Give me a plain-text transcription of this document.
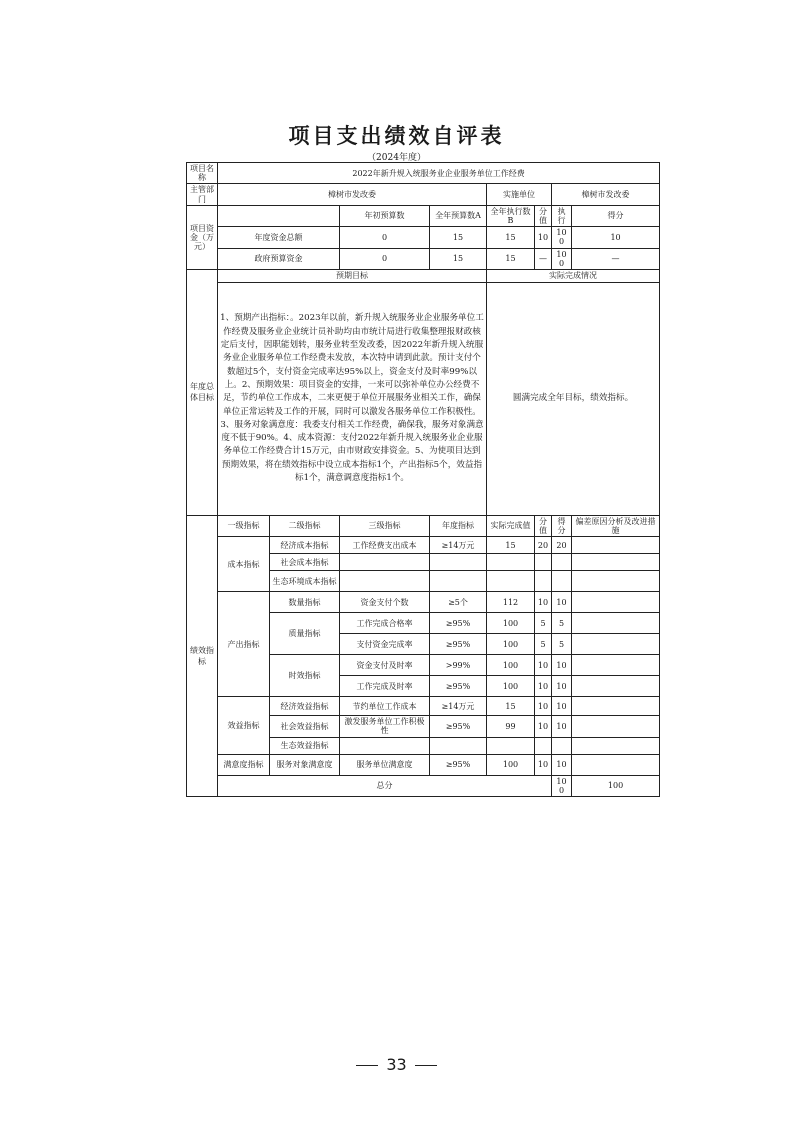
项目支出绩效自评表
（2024年度）
项目名称	2022年新升规入统服务业企业服务单位工作经费								
主管部门	樟树市发改委				实施单位		樟树市发改委		
项目资金（万元）			年初预算数	全年预算数A	全年执行数B	分值	执行	得分	
	年度资金总额		0	15	15	10	100	10	
	政府预算资金		0	15	15	—	100	—	
年度总体目标	预期目标				实际完成情况				
	1、预期产出指标：。2023年以前，新升规入统服务业企业服务单位工作经费及服务业企业统计员补助均由市统计局进行收集整理报财政核定后支付，因职能划转，服务业转至发改委，因2022年新升规入统服务业企业服务单位工作经费未发放，本次特申请到此款。预计支付个数超过5个，支付资金完成率达95%以上，资金支付及时率99%以上。2、预期效果：项目资金的安排，一来可以弥补单位办公经费不足，节约单位工作成本，二来更便于单位开展服务业相关工作，确保单位正常运转及工作的开展，同时可以激发各服务单位工作积极性。3、服务对象满意度：我委支付相关工作经费，确保我，服务对象满意度不低于90%。4、成本资源：支付2022年新升规入统服务业企业服务单位工作经费合计15万元，由市财政安排资金。5、为使项目达到预期效果，将在绩效指标中设立成本指标1个，产出指标5个，效益指标1个，满意调意度指标1个。				圆满完成全年目标，绩效指标。				
绩效指标	一级指标	二级指标	三级指标	年度指标	实际完成值	分值	得分	偏差原因分析及改进措施	
	成本指标	经济成本指标	工作经费支出成本	≥14万元	15	20	20		
		社会成本指标							
		生态环境成本指标							
	产出指标	数量指标	资金支付个数	≥5个	112	10	10		
		质量指标	工作完成合格率	≥95%	100	5	5		
			支付资金完成率	≥95%	100	5	5		
		时效指标	资金支付及时率	>99%	100	10	10		
			工作完成及时率	≥95%	100	10	10		
	效益指标	经济效益指标	节约单位工作成本	≥14万元	15	10	10		
		社会效益指标	激发服务单位工作积极性	≥95%	99	10	10		
		生态效益指标							
	满意度指标	服务对象满意度	服务单位满意度	≥95%	100	10	10		
	总分						100	100	
33
